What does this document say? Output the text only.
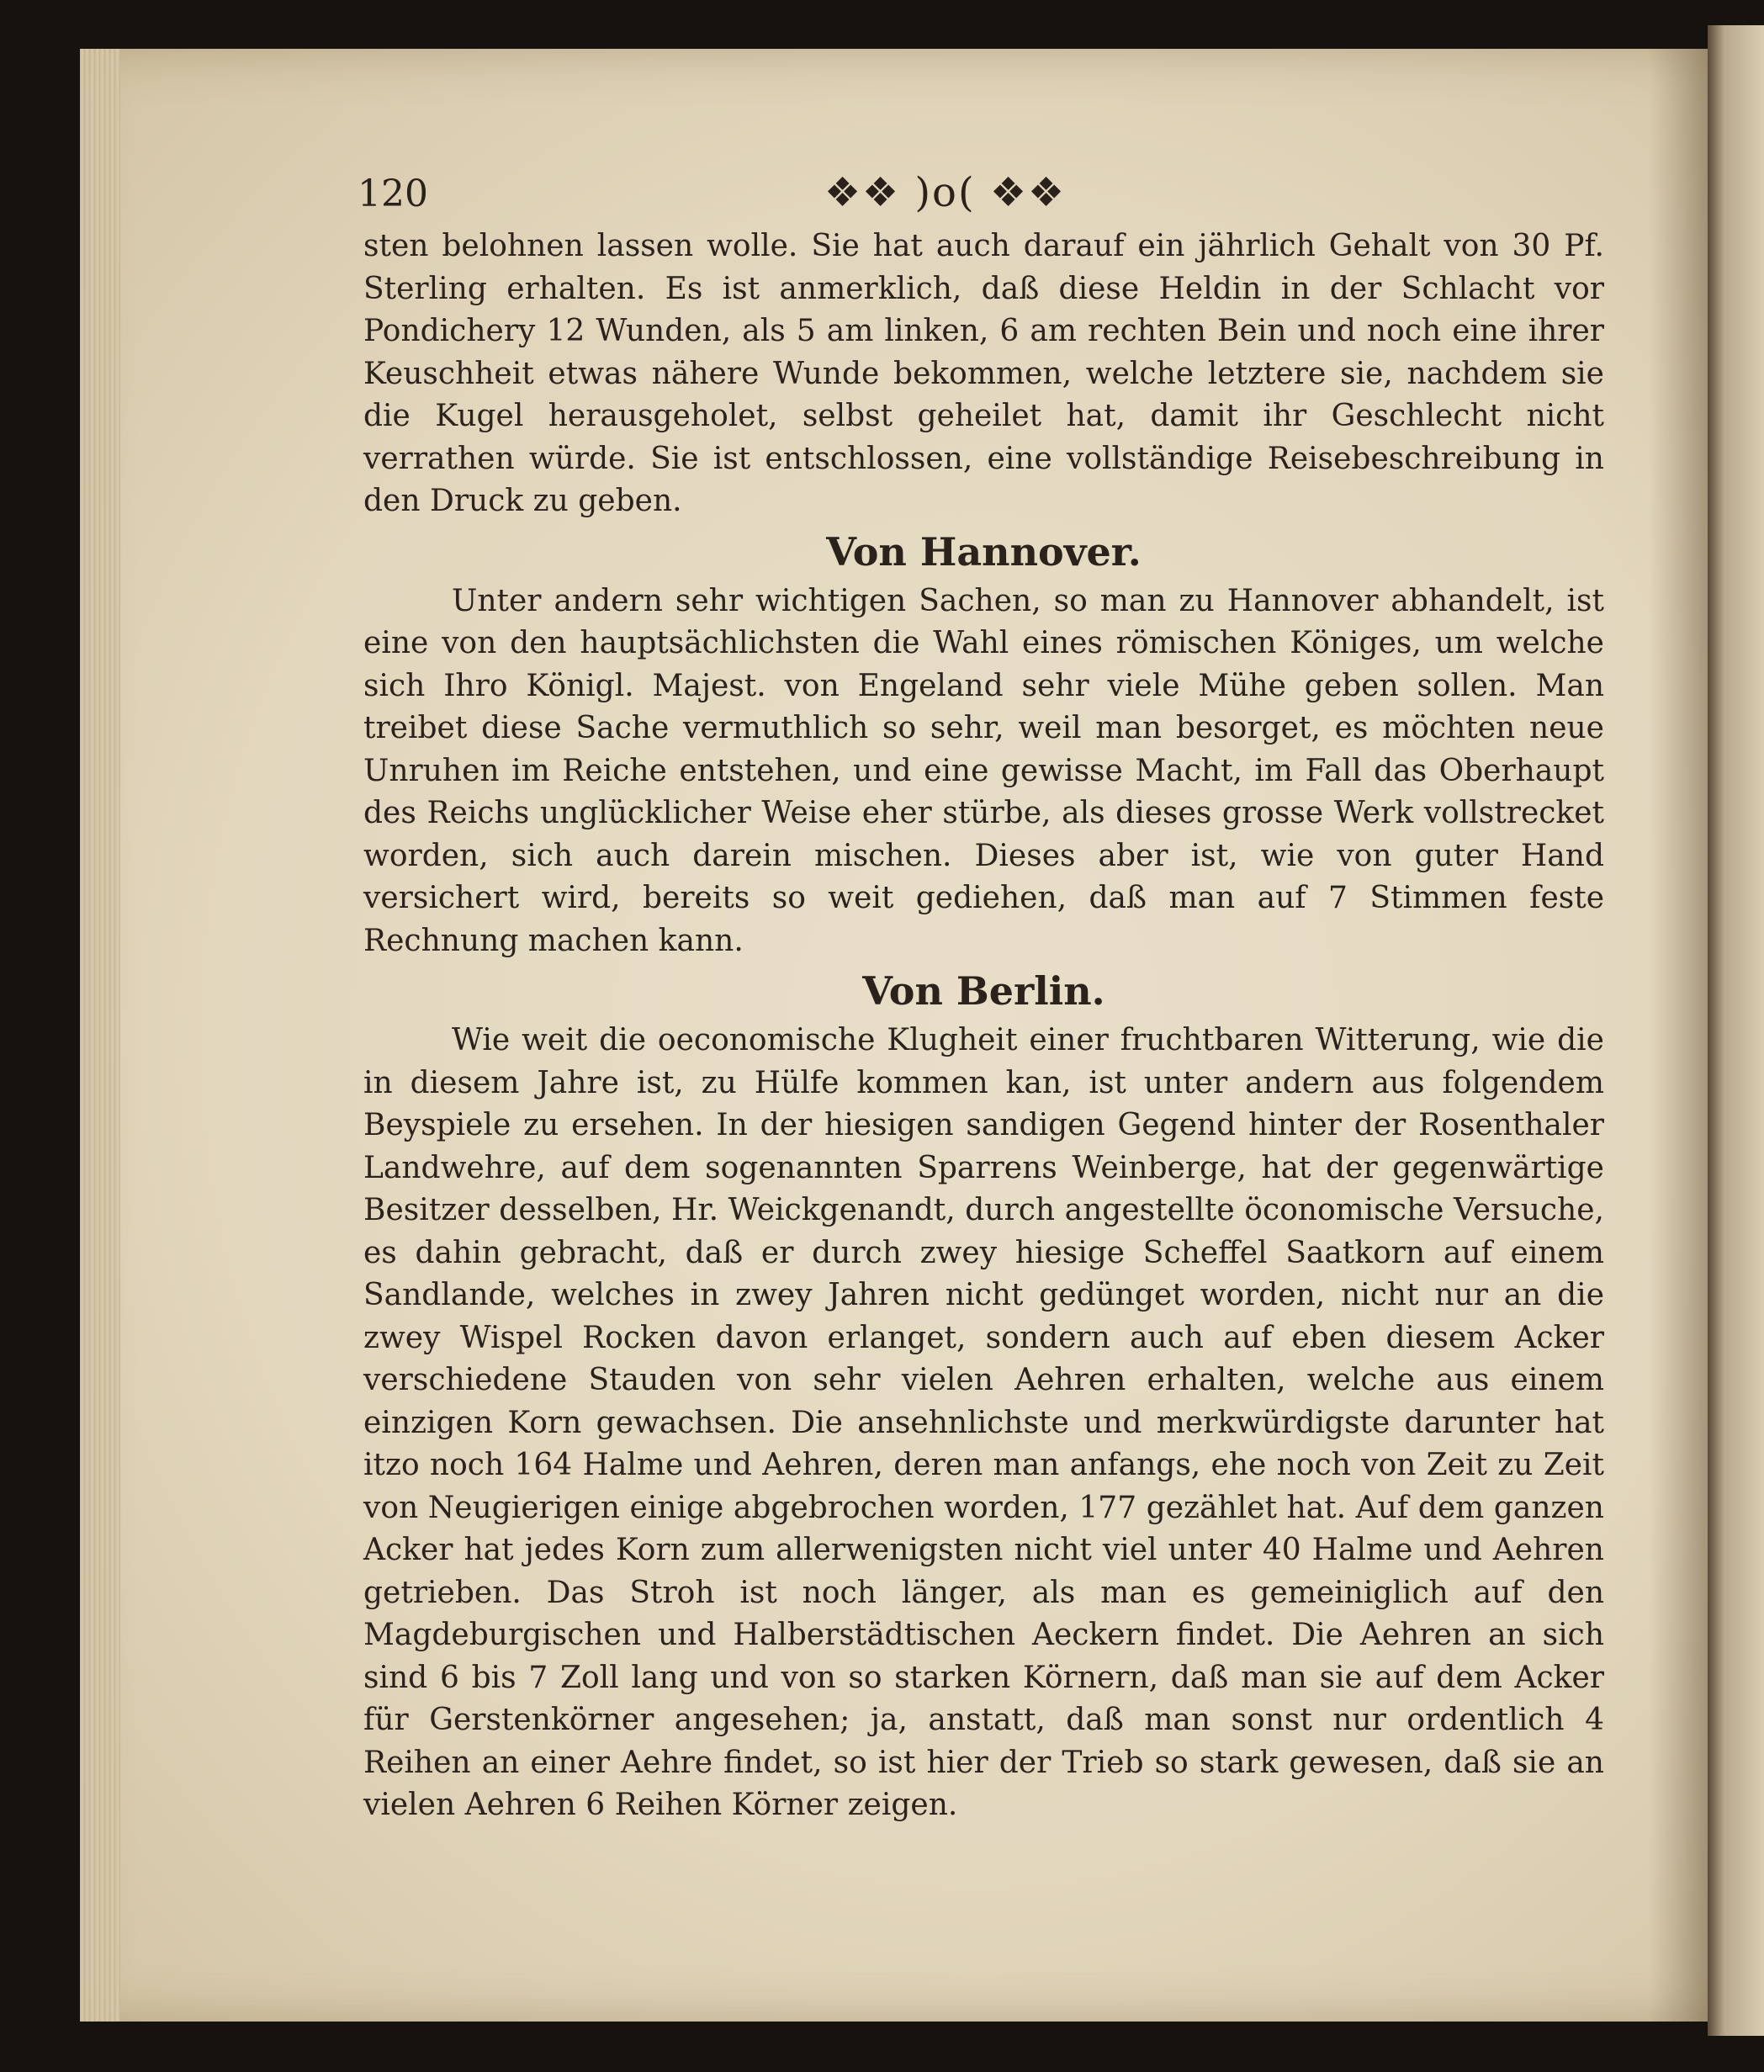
120	❖❖ )o( ❖❖

sten belohnen lassen wolle. Sie hat auch darauf ein jährlich Gehalt von 30 Pf. Sterling erhalten. Es ist anmerklich, daß diese Heldin in der Schlacht vor Pondichery 12 Wunden, als 5 am linken, 6 am rechten Bein und noch eine ihrer Keuschheit etwas nähere Wunde bekommen, welche letztere sie, nachdem sie die Kugel herausgeholet, selbst geheilet hat, damit ihr Geschlecht nicht verrathen würde. Sie ist entschlossen, eine vollständige Reisebeschreibung in den Druck zu geben.

Von Hannover.

Unter andern sehr wichtigen Sachen, so man zu Hannover abhandelt, ist eine von den hauptsächlichsten die Wahl eines römischen Königes, um welche sich Ihro Königl. Majest. von Engeland sehr viele Mühe geben sollen. Man treibet diese Sache vermuthlich so sehr, weil man besorget, es möchten neue Unruhen im Reiche entstehen, und eine gewisse Macht, im Fall das Oberhaupt des Reichs unglücklicher Weise eher stürbe, als dieses grosse Werk vollstrecket worden, sich auch darein mischen. Dieses aber ist, wie von guter Hand versichert wird, bereits so weit gediehen, daß man auf 7 Stimmen feste Rechnung machen kann.

Von Berlin.

Wie weit die oeconomische Klugheit einer fruchtbaren Witterung, wie die in diesem Jahre ist, zu Hülfe kommen kan, ist unter andern aus folgendem Beyspiele zu ersehen. In der hiesigen sandigen Gegend hinter der Rosenthaler Landwehre, auf dem sogenannten Sparrens Weinberge, hat der gegenwärtige Besitzer desselben, Hr. Weickgenandt, durch angestellte öconomische Versuche, es dahin gebracht, daß er durch zwey hiesige Scheffel Saatkorn auf einem Sandlande, welches in zwey Jahren nicht gedünget worden, nicht nur an die zwey Wispel Rocken davon erlanget, sondern auch auf eben diesem Acker verschiedene Stauden von sehr vielen Aehren erhalten, welche aus einem einzigen Korn gewachsen. Die ansehnlichste und merkwürdigste darunter hat itzo noch 164 Halme und Aehren, deren man anfangs, ehe noch von Zeit zu Zeit von Neugierigen einige abgebrochen worden, 177 gezählet hat. Auf dem ganzen Acker hat jedes Korn zum allerwenigsten nicht viel unter 40 Halme und Aehren getrieben. Das Stroh ist noch länger, als man es gemeiniglich auf den Magdeburgischen und Halberstädtischen Aeckern findet. Die Aehren an sich sind 6 bis 7 Zoll lang und von so starken Körnern, daß man sie auf dem Acker für Gerstenkörner angesehen; ja, anstatt, daß man sonst nur ordentlich 4 Reihen an einer Aehre findet, so ist hier der Trieb so stark gewesen, daß sie an vielen Aehren 6 Reihen Körner zeigen.
